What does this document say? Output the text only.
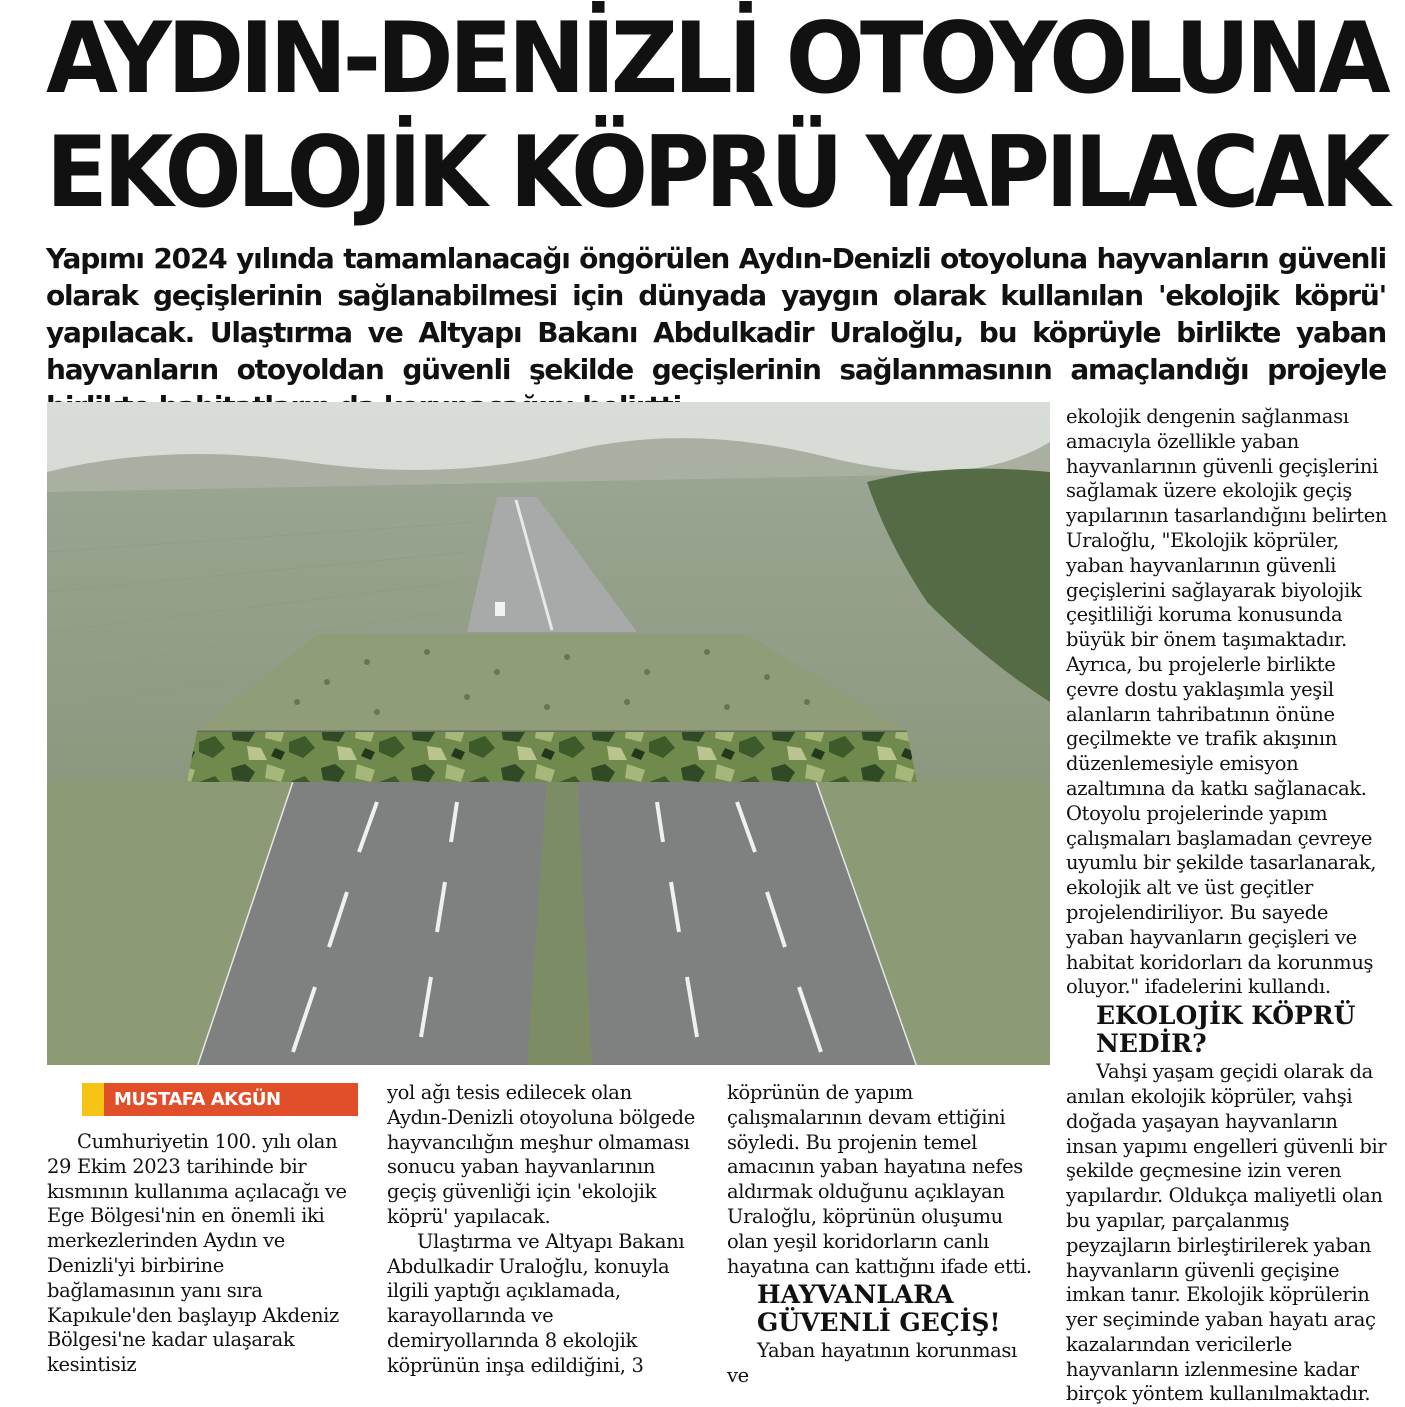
AYDIN-DENİZLİ OTOYOLUNA
EKOLOJİK KÖPRÜ YAPILACAK

Yapımı 2024 yılında tamamlanacağı öngörülen Aydın-Denizli otoyoluna hayvanların güvenli olarak geçişlerinin sağlanabilmesi için dünyada yaygın olarak kullanılan 'ekolojik köprü' yapılacak. Ulaştırma ve Altyapı Bakanı Abdulkadir Uraloğlu, bu köprüyle birlikte yaban hayvanların otoyoldan güvenli şekilde geçişlerinin sağlanmasının amaçlandığı projeyle

MUSTAFA AKGÜN

Cumhuriyetin 100. yılı olan 29 Ekim 2023 tarihinde bir kısmının kullanıma açılacağı ve Ege Bölgesi'nin en önemli iki merkezlerinden Aydın ve Denizli'yi birbirine bağlamasının yanı sıra Kapıkule'den başlayıp Akdeniz Bölgesi'ne kadar ulaşarak kesintisiz

yol ağı tesis edilecek olan Aydın-Denizli otoyoluna bölgede hayvancılığın meşhur olmaması sonucu yaban hayvanlarının geçiş güvenliği için 'ekolojik köprü' yapılacak.

Ulaştırma ve Altyapı Bakanı Abdulkadir Uraloğlu, konuyla ilgili yaptığı açıklamada, karayollarında ve demiryollarında 8 ekolojik köprünün inşa edildiğini, 3

köprünün de yapım çalışmalarının devam ettiğini söyledi. Bu projenin temel amacının yaban hayatına nefes aldırmak olduğunu açıklayan Uraloğlu, köprünün oluşumu olan yeşil koridorların canlı hayatına can kattığını ifade etti.

HAYVANLARA GÜVENLİ GEÇİŞ!

Yaban hayatının korunması ve

ekolojik dengenin sağlanması amacıyla özellikle yaban hayvanlarının güvenli geçişlerini sağlamak üzere ekolojik geçiş yapılarının tasarlandığını belirten Uraloğlu, "Ekolojik köprüler, yaban hayvanlarının güvenli geçişlerini sağlayarak biyolojik çeşitliliği koruma konusunda büyük bir önem taşımaktadır. Ayrıca, bu projelerle birlikte çevre dostu yaklaşımla yeşil alanların tahribatının önüne geçilmekte ve trafik akışının düzenlemesiyle emisyon azaltımına da katkı sağlanacak. Otoyolu projelerinde yapım çalışmaları başlamadan çevreye uyumlu bir şekilde tasarlanarak, ekolojik alt ve üst geçitler projelendiriliyor. Bu sayede yaban hayvanların geçişleri ve habitat koridorları da korunmuş oluyor." ifadelerini kullandı.

EKOLOJİK KÖPRÜ NEDİR?

Vahşi yaşam geçidi olarak da anılan ekolojik köprüler, vahşi doğada yaşayan hayvanların insan yapımı engelleri güvenli bir şekilde geçmesine izin veren yapılardır. Oldukça maliyetli olan bu yapılar, parçalanmış peyzajların birleştirilerek yaban hayvanların güvenli geçişine imkan tanır. Ekolojik köprülerin yer seçiminde yaban hayatı araç kazalarından vericilerle hayvanların izlenmesine kadar birçok yöntem kullanılmaktadır.
